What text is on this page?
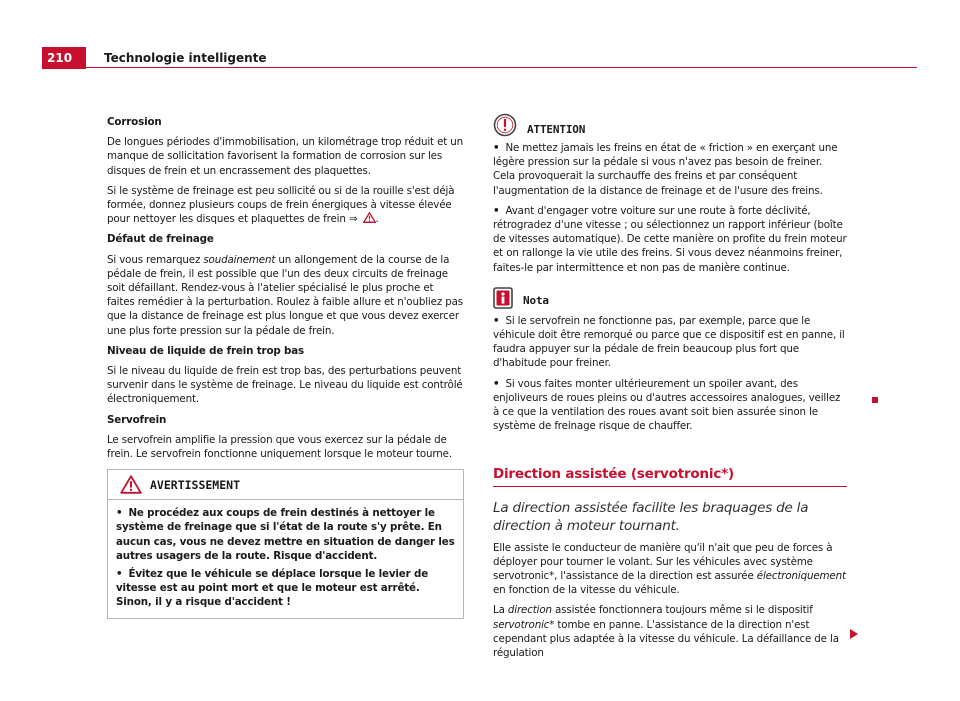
210	Technologie intelligente

Corrosion

De longues périodes d'immobilisation, un kilométrage trop réduit et un manque de sollicitation favorisent la formation de corrosion sur les disques de frein et un encrassement des plaquettes.

Si le système de freinage est peu sollicité ou si de la rouille s'est déjà formée, donnez plusieurs coups de frein énergiques à vitesse élevée pour nettoyer les disques et plaquettes de frein ⇒ .

Défaut de freinage

Si vous remarquez soudainement un allongement de la course de la pédale de frein, il est possible que l'un des deux circuits de freinage soit défaillant. Rendez-vous à l'atelier spécialisé le plus proche et faites remédier à la perturbation. Roulez à faible allure et n'oubliez pas que la distance de freinage est plus longue et que vous devez exercer une plus forte pression sur la pédale de frein.

Niveau de liquide de frein trop bas

Si le niveau du liquide de frein est trop bas, des perturbations peuvent survenir dans le système de freinage. Le niveau du liquide est contrôlé électroniquement.

Servofrein

Le servofrein amplifie la pression que vous exercez sur la pédale de frein. Le servofrein fonctionne uniquement lorsque le moteur tourne.

AVERTISSEMENT

• Ne procédez aux coups de frein destinés à nettoyer le système de freinage que si l'état de la route s'y prête. En aucun cas, vous ne devez mettre en situation de danger les autres usagers de la route. Risque d'accident.

• Évitez que le véhicule se déplace lorsque le levier de vitesse est au point mort et que le moteur est arrêté. Sinon, il y a risque d'accident !

ATTENTION

• Ne mettez jamais les freins en état de « friction » en exerçant une légère pression sur la pédale si vous n'avez pas besoin de freiner. Cela provoquerait la surchauffe des freins et par conséquent l'augmentation de la distance de freinage et de l'usure des freins.

• Avant d'engager votre voiture sur une route à forte déclivité, rétrogradez d'une vitesse ; ou sélectionnez un rapport inférieur (boîte de vitesses automatique). De cette manière on profite du frein moteur et on rallonge la vie utile des freins. Si vous devez néanmoins freiner, faites-le par intermittence et non pas de manière continue.

Nota

• Si le servofrein ne fonctionne pas, par exemple, parce que le véhicule doit être remorqué ou parce que ce dispositif est en panne, il faudra appuyer sur la pédale de frein beaucoup plus fort que d'habitude pour freiner.

• Si vous faites monter ultérieurement un spoiler avant, des enjoliveurs de roues pleins ou d'autres accessoires analogues, veillez à ce que la ventilation des roues avant soit bien assurée sinon le système de freinage risque de chauffer.

Direction assistée (servotronic*)

La direction assistée facilite les braquages de la direction à moteur tournant.

Elle assiste le conducteur de manière qu'il n'ait que peu de forces à déployer pour tourner le volant. Sur les véhicules avec système servotronic*, l'assistance de la direction est assurée électroniquement en fonction de la vitesse du véhicule.

La direction assistée fonctionnera toujours même si le dispositif servotronic* tombe en panne. L'assistance de la direction n'est cependant plus adaptée à la vitesse du véhicule. La défaillance de la régulation
